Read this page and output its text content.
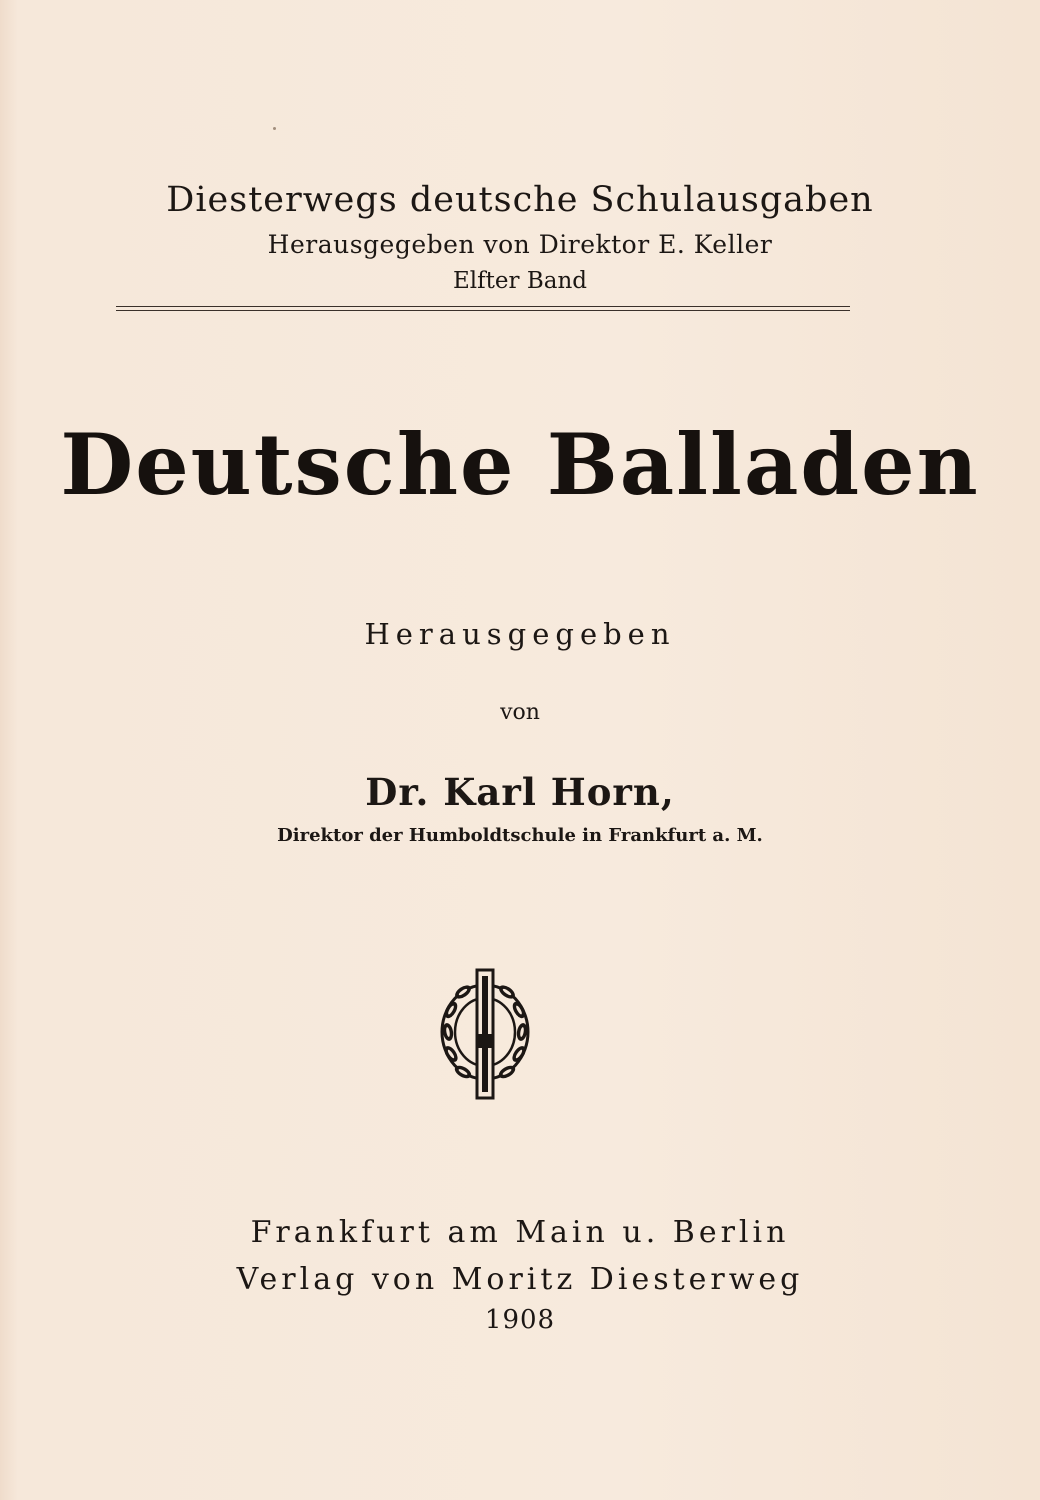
Diesterwegs deutsche Schulausgaben
Herausgegeben von Direktor E. Keller
Elfter Band
Deutsche Balladen
Herausgegeben
von
Dr. Karl Horn,
Direktor der Humboldtschule in Frankfurt a. M.
Frankfurt am Main u. Berlin
Verlag von Moritz Diesterweg
1908
